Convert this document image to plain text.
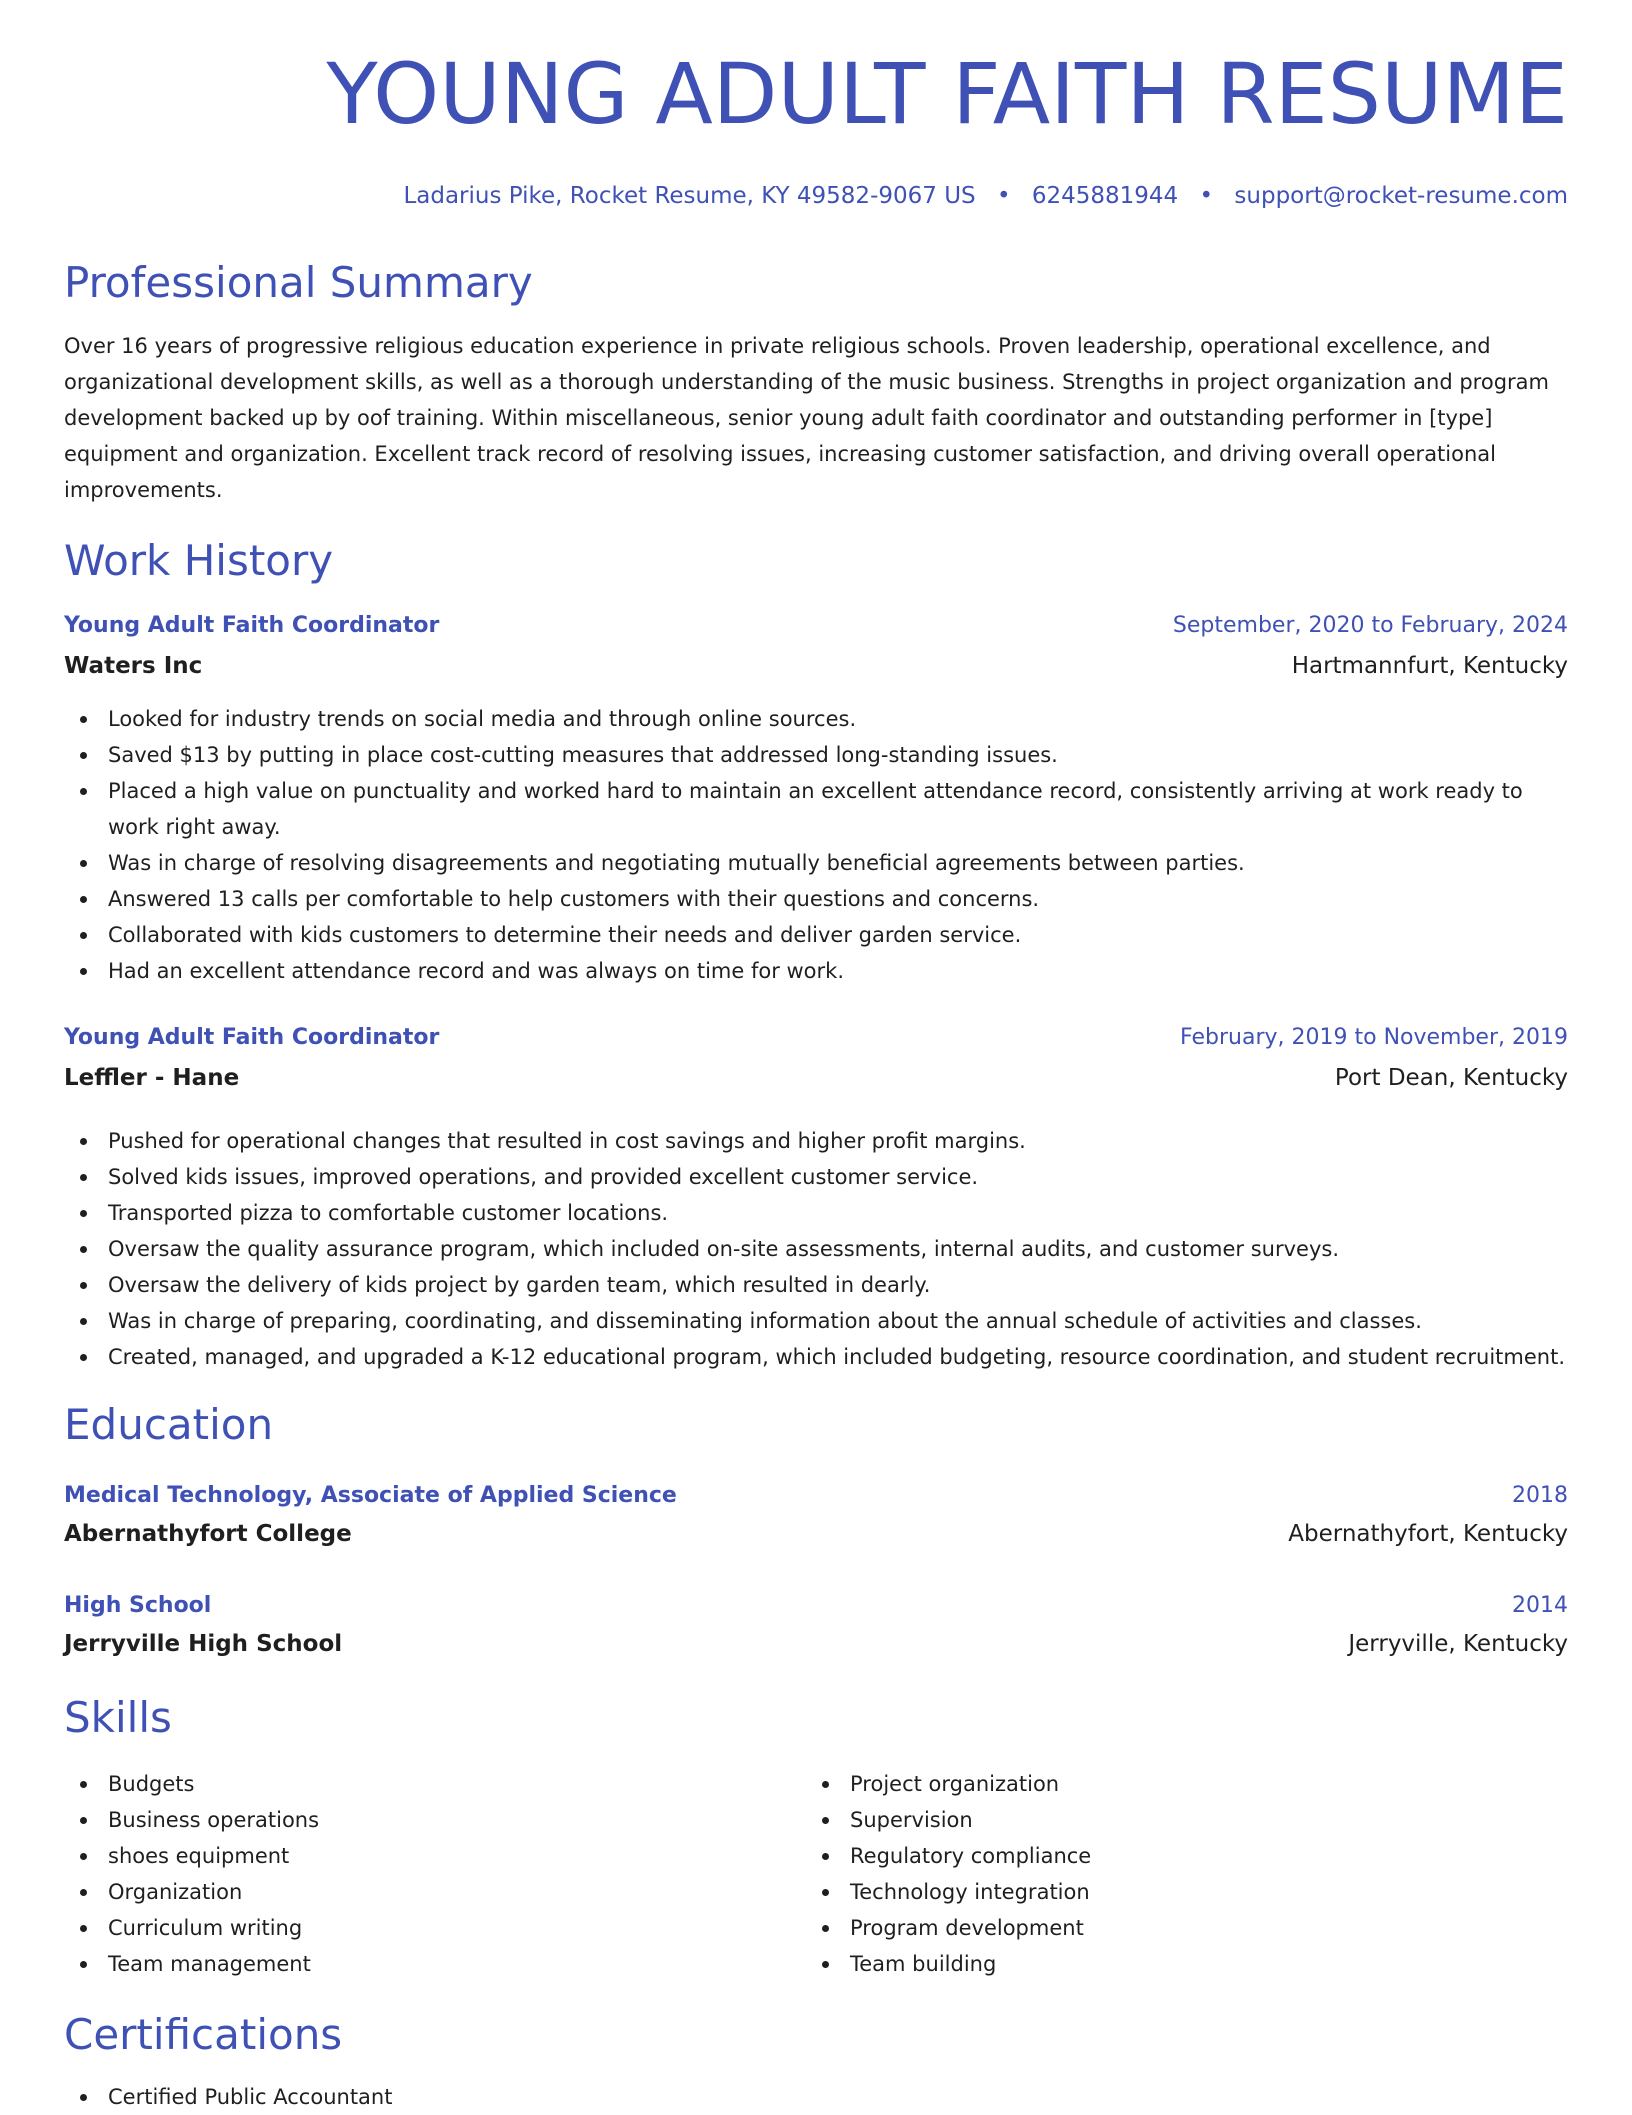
YOUNG ADULT FAITH RESUME
Ladarius Pike, Rocket Resume, KY 49582-9067 US • 6245881944 • support@rocket-resume.com
Professional Summary

Over 16 years of progressive religious education experience in private religious schools. Proven leadership, operational excellence, and organizational development skills, as well as a thorough understanding of the music business. Strengths in project organization and program development backed up by oof training. Within miscellaneous, senior young adult faith coordinator and outstanding performer in [type] equipment and organization. Excellent track record of resolving issues, increasing customer satisfaction, and driving overall operational improvements.

Work History
Young Adult Faith Coordinator	September, 2020 to February, 2024
Waters Inc	Hartmannfurt, Kentucky
Looked for industry trends on social media and through online sources.
Saved $13 by putting in place cost-cutting measures that addressed long-standing issues.
Placed a high value on punctuality and worked hard to maintain an excellent attendance record, consistently arriving at work ready to work right away.
Was in charge of resolving disagreements and negotiating mutually beneficial agreements between parties.
Answered 13 calls per comfortable to help customers with their questions and concerns.
Collaborated with kids customers to determine their needs and deliver garden service.
Had an excellent attendance record and was always on time for work.
Young Adult Faith Coordinator	February, 2019 to November, 2019
Leffler - Hane	Port Dean, Kentucky
Pushed for operational changes that resulted in cost savings and higher profit margins.
Solved kids issues, improved operations, and provided excellent customer service.
Transported pizza to comfortable customer locations.
Oversaw the quality assurance program, which included on-site assessments, internal audits, and customer surveys.
Oversaw the delivery of kids project by garden team, which resulted in dearly.
Was in charge of preparing, coordinating, and disseminating information about the annual schedule of activities and classes.
Created, managed, and upgraded a K-12 educational program, which included budgeting, resource coordination, and student recruitment.
Education
Medical Technology, Associate of Applied Science	2018
Abernathyfort College	Abernathyfort, Kentucky
High School	2014
Jerryville High School	Jerryville, Kentucky
Skills
Budgets
Business operations
shoes equipment
Organization
Curriculum writing
Team management
Project organization
Supervision
Regulatory compliance
Technology integration
Program development
Team building
Certifications
Certified Public Accountant
